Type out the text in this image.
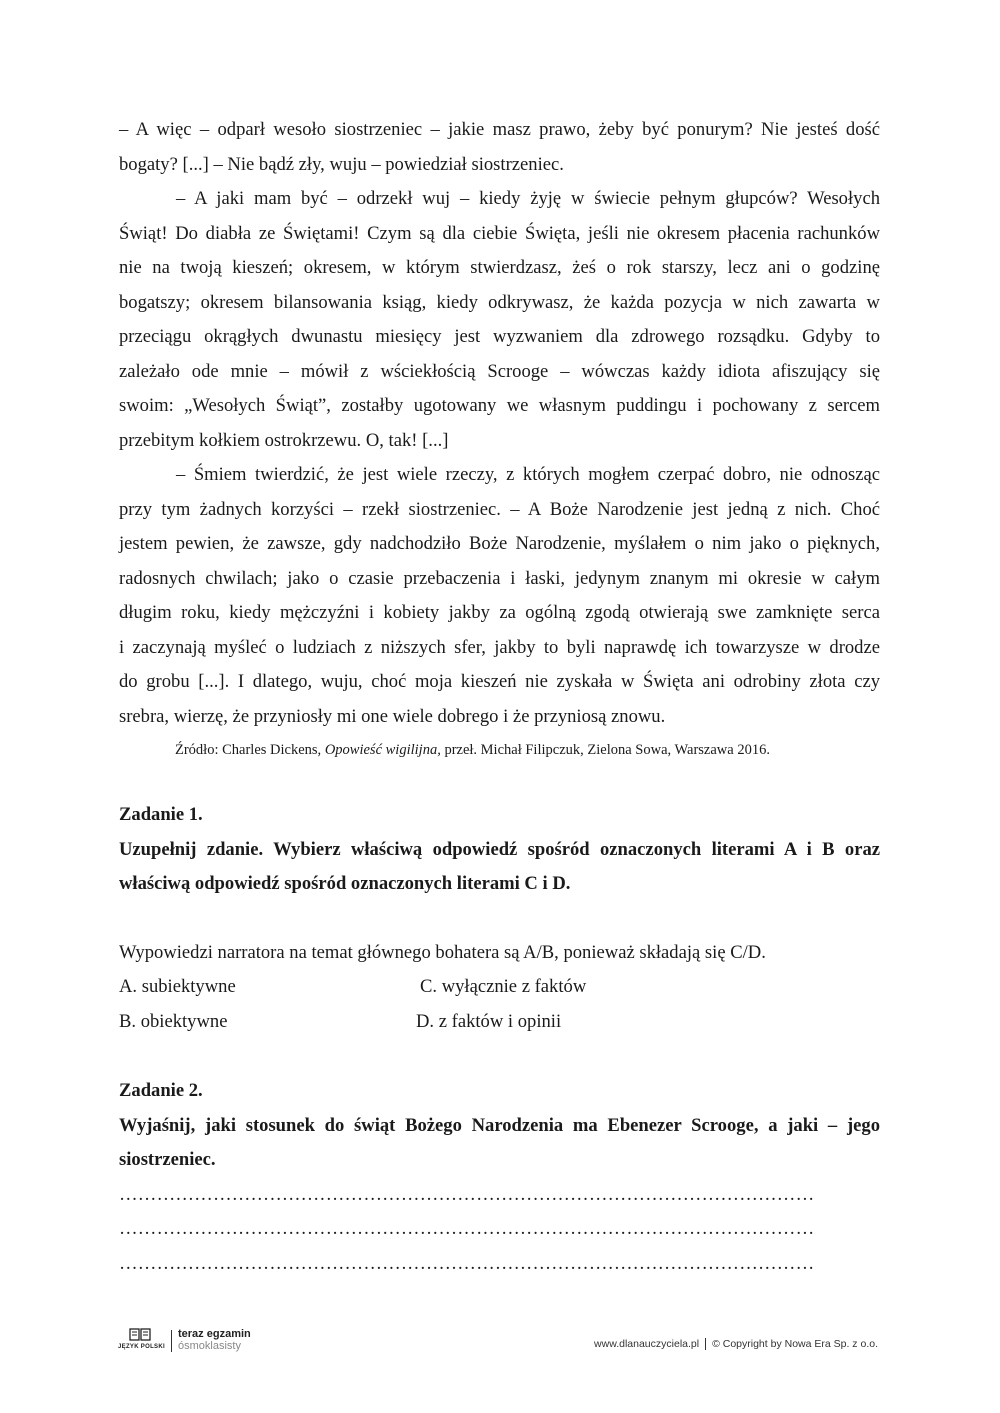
– A więc – odparł wesoło siostrzeniec – jakie masz prawo, żeby być ponurym? Nie jesteś dość
bogaty? [...] – Nie bądź zły, wuju – powiedział siostrzeniec.

– A jaki mam być – odrzekł wuj – kiedy żyję w świecie pełnym głupców? Wesołych
Świąt! Do diabła ze Świętami! Czym są dla ciebie Święta, jeśli nie okresem płacenia rachunków
nie na twoją kieszeń; okresem, w którym stwierdzasz, żeś o rok starszy, lecz ani o godzinę
bogatszy; okresem bilansowania ksiąg, kiedy odkrywasz, że każda pozycja w nich zawarta w
przeciągu okrągłych dwunastu miesięcy jest wyzwaniem dla zdrowego rozsądku. Gdyby to
zależało ode mnie – mówił z wściekłością Scrooge – wówczas każdy idiota afiszujący się
swoim: „Wesołych Świąt”, zostałby ugotowany we własnym puddingu i pochowany z sercem
przebitym kołkiem ostrokrzewu. O, tak! [...]

– Śmiem twierdzić, że jest wiele rzeczy, z których mogłem czerpać dobro, nie odnosząc
przy tym żadnych korzyści – rzekł siostrzeniec. – A Boże Narodzenie jest jedną z nich. Choć
jestem pewien, że zawsze, gdy nadchodziło Boże Narodzenie, myślałem o nim jako o pięknych,
radosnych chwilach; jako o czasie przebaczenia i łaski, jedynym znanym mi okresie w całym
długim roku, kiedy mężczyźni i kobiety jakby za ogólną zgodą otwierają swe zamknięte serca
i zaczynają myśleć o ludziach z niższych sfer, jakby to byli naprawdę ich towarzysze w drodze
do grobu [...]. I dlatego, wuju, choć moja kieszeń nie zyskała w Święta ani odrobiny złota czy
srebra, wierzę, że przyniosły mi one wiele dobrego i że przyniosą znowu.

Źródło: Charles Dickens, Opowieść wigilijna, przeł. Michał Filipczuk, Zielona Sowa, Warszawa 2016.

Zadanie 1.

Uzupełnij zdanie. Wybierz właściwą odpowiedź spośród oznaczonych literami A i B oraz
właściwą odpowiedź spośród oznaczonych literami C i D.

Wypowiedzi narratora na temat głównego bohatera są A/B, ponieważ składają się C/D.

A. subiektywne	C. wyłącznie z faktów
B. obiektywne	D. z faktów i opinii

Zadanie 2.

Wyjaśnij, jaki stosunek do świąt Bożego Narodzenia ma Ebenezer Scrooge, a jaki – jego
siostrzeniec.

…………………………………………………………………………………………………
…………………………………………………………………………………………………
…………………………………………………………………………………………………
JĘZYK POLSKI
teraz egzamin
ósmoklasisty	www.dlanauczyciela.pl © Copyright by Nowa Era Sp. z o.o.
